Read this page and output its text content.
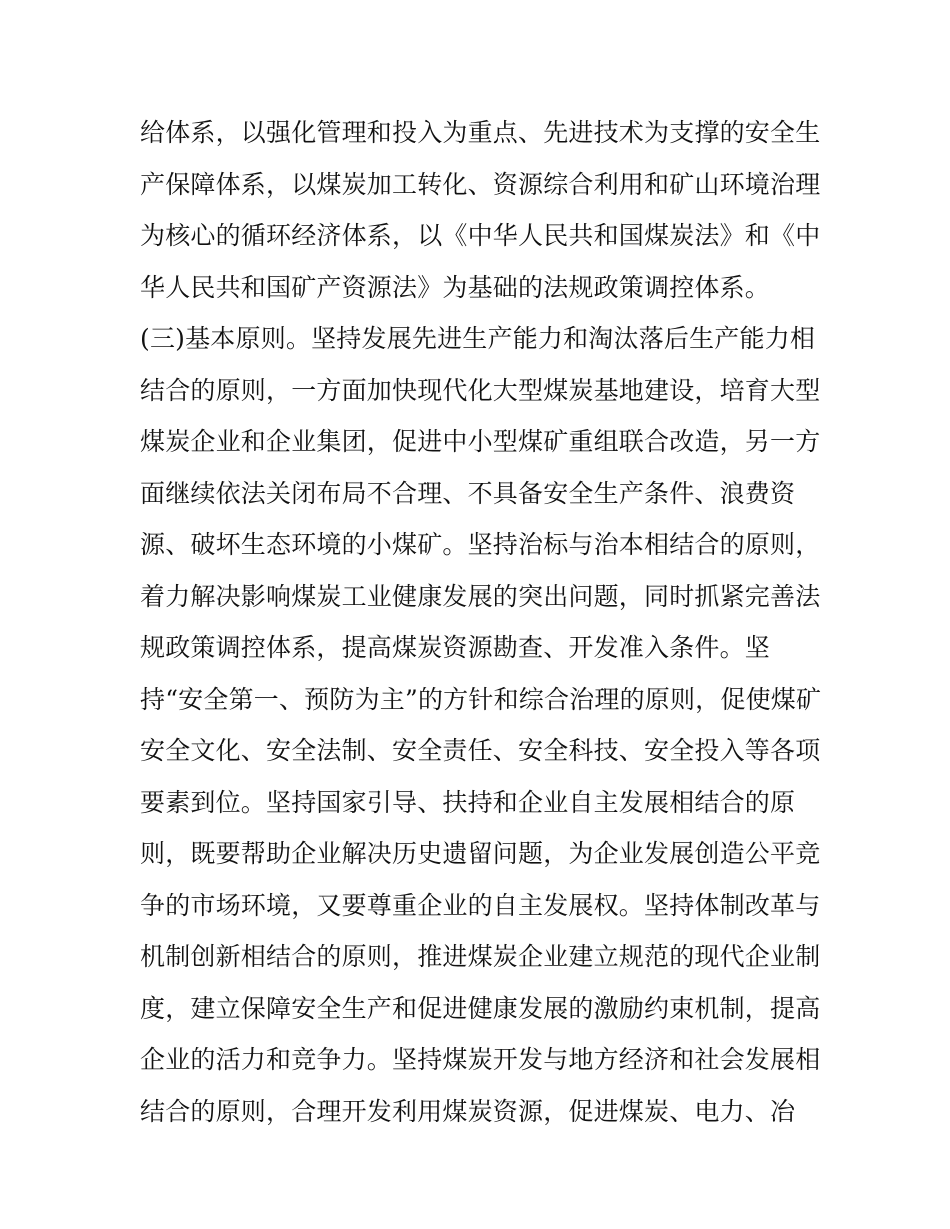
给体系，以强化管理和投入为重点、先进技术为支撑的安全生
产保障体系，以煤炭加工转化、资源综合利用和矿山环境治理
为核心的循环经济体系，以《中华人民共和国煤炭法》和《中
华人民共和国矿产资源法》为基础的法规政策调控体系。
(三)基本原则。坚持发展先进生产能力和淘汰落后生产能力相
结合的原则，一方面加快现代化大型煤炭基地建设，培育大型
煤炭企业和企业集团，促进中小型煤矿重组联合改造，另一方
面继续依法关闭布局不合理、不具备安全生产条件、浪费资
源、破坏生态环境的小煤矿。坚持治标与治本相结合的原则，
着力解决影响煤炭工业健康发展的突出问题，同时抓紧完善法
规政策调控体系，提高煤炭资源勘查、开发准入条件。坚
持“安全第一、预防为主”的方针和综合治理的原则，促使煤矿
安全文化、安全法制、安全责任、安全科技、安全投入等各项
要素到位。坚持国家引导、扶持和企业自主发展相结合的原
则，既要帮助企业解决历史遗留问题，为企业发展创造公平竞
争的市场环境，又要尊重企业的自主发展权。坚持体制改革与
机制创新相结合的原则，推进煤炭企业建立规范的现代企业制
度，建立保障安全生产和促进健康发展的激励约束机制，提高
企业的活力和竞争力。坚持煤炭开发与地方经济和社会发展相
结合的原则，合理开发利用煤炭资源，促进煤炭、电力、冶
